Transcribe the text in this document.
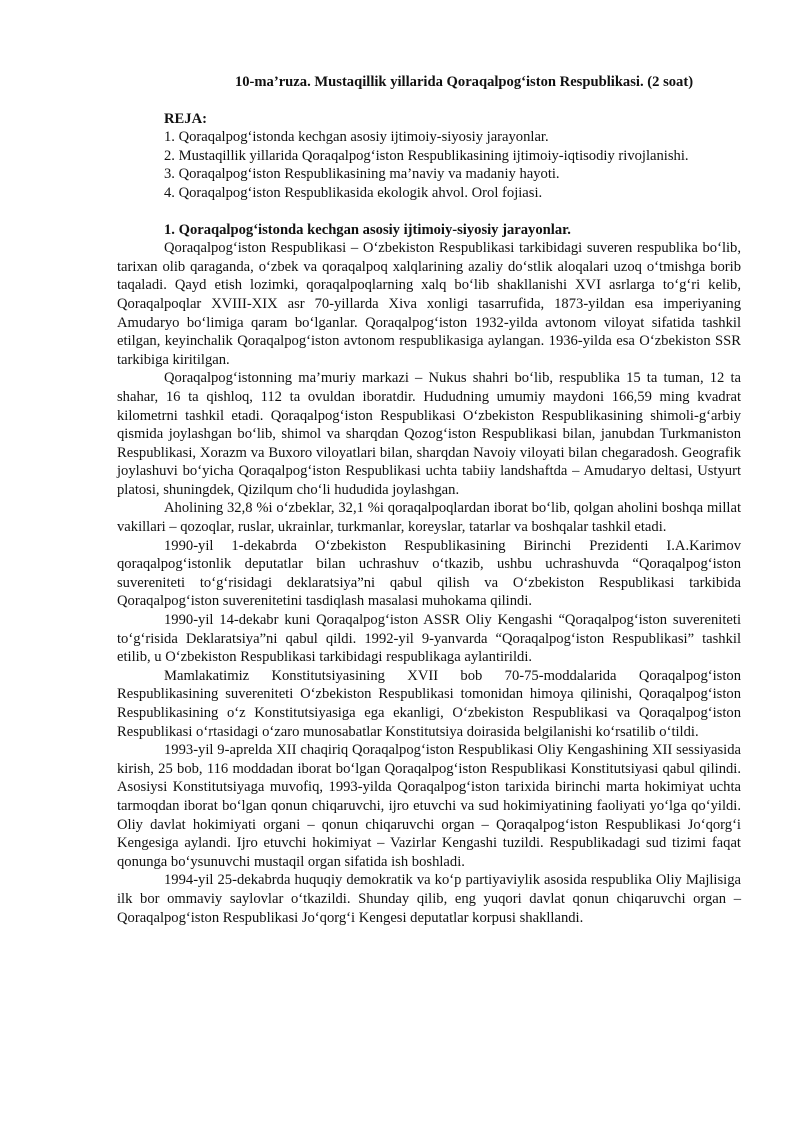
10-ma’ruza. Mustaqillik yillarida Qoraqalpog‘iston Respublikasi. (2 soat)
REJA:
1. Qoraqalpog‘istonda kechgan asosiy ijtimoiy-siyosiy jarayonlar.
2. Mustaqillik yillarida Qoraqalpog‘iston Respublikasining ijtimoiy-iqtisodiy rivojlanishi.
3. Qoraqalpog‘iston Respublikasining ma’naviy va madaniy hayoti.
4. Qoraqalpog‘iston Respublikasida ekologik ahvol. Orol fojiasi.
1. Qoraqalpog‘istonda kechgan asosiy ijtimoiy-siyosiy jarayonlar.

Qoraqalpog‘iston Respublikasi – O‘zbekiston Respublikasi tarkibidagi suveren respublika bo‘lib, tarixan olib qaraganda, o‘zbek va qoraqalpoq xalqlarining azaliy do‘stlik aloqalari uzoq o‘tmishga borib taqaladi. Qayd etish lozimki, qoraqalpoqlarning xalq bo‘lib shakllanishi XVI asrlarga to‘g‘ri kelib, Qoraqalpoqlar XVIII-XIX asr 70-yillarda Xiva xonligi tasarrufida, 1873-yildan esa imperiyaning Amudaryo bo‘limiga qaram bo‘lganlar. Qoraqalpog‘iston 1932-yilda avtonom viloyat sifatida tashkil etilgan, keyinchalik Qoraqalpog‘iston avtonom respublikasiga aylangan. 1936-yilda esa O‘zbekiston SSR tarkibiga kiritilgan.

Qoraqalpog‘istonning ma’muriy markazi – Nukus shahri bo‘lib, respublika 15 ta tuman, 12 ta shahar, 16 ta qishloq, 112 ta ovuldan iboratdir. Hududning umumiy maydoni 166,59 ming kvadrat kilometrni tashkil etadi. Qoraqalpog‘iston Respublikasi O‘zbekiston Respublikasining shimoli-g‘arbiy qismida joylashgan bo‘lib, shimol va sharqdan Qozog‘iston Respublikasi bilan, janubdan Turkmaniston Respublikasi, Xorazm va Buxoro viloyatlari bilan, sharqdan Navoiy viloyati bilan chegaradosh. Geografik joylashuvi bo‘yicha Qoraqalpog‘iston Respublikasi uchta tabiiy landshaftda – Amudaryo deltasi, Ustyurt platosi, shuningdek, Qizilqum cho‘li hududida joylashgan.

Aholining 32,8 %i o‘zbeklar, 32,1 %i qoraqalpoqlardan iborat bo‘lib, qolgan aholini boshqa millat vakillari – qozoqlar, ruslar, ukrainlar, turkmanlar, koreyslar, tatarlar va boshqalar tashkil etadi.

1990-yil 1-dekabrda O‘zbekiston Respublikasining Birinchi Prezidenti I.A.Karimov qoraqalpog‘istonlik deputatlar bilan uchrashuv o‘tkazib, ushbu uchrashuvda “Qoraqalpog‘iston suvereniteti to‘g‘risidagi deklaratsiya”ni qabul qilish va O‘zbekiston Respublikasi tarkibida Qoraqalpog‘iston suverenitetini tasdiqlash masalasi muhokama qilindi.

1990-yil 14-dekabr kuni Qoraqalpog‘iston ASSR Oliy Kengashi “Qoraqalpog‘iston suvereniteti to‘g‘risida Deklaratsiya”ni qabul qildi. 1992-yil 9-yanvarda “Qoraqalpog‘iston Respublikasi” tashkil etilib, u O‘zbekiston Respublikasi tarkibidagi respublikaga aylantirildi.

Mamlakatimiz Konstitutsiyasining XVII bob 70-75-moddalarida Qoraqalpog‘iston Respublikasining suvereniteti O‘zbekiston Respublikasi tomonidan himoya qilinishi, Qoraqalpog‘iston Respublikasining o‘z Konstitutsiyasiga ega ekanligi, O‘zbekiston Respublikasi va Qoraqalpog‘iston Respublikasi o‘rtasidagi o‘zaro munosabatlar Konstitutsiya doirasida belgilanishi ko‘rsatilib o‘tildi.

1993-yil 9-aprelda XII chaqiriq Qoraqalpog‘iston Respublikasi Oliy Kengashining XII sessiyasida kirish, 25 bob, 116 moddadan iborat bo‘lgan Qoraqalpog‘iston Respublikasi Konstitutsiyasi qabul qilindi. Asosiysi Konstitutsiyaga muvofiq, 1993-yilda Qoraqalpog‘iston tarixida birinchi marta hokimiyat uchta tarmoqdan iborat bo‘lgan qonun chiqaruvchi, ijro etuvchi va sud hokimiyatining faoliyati yo‘lga qo‘yildi. Oliy davlat hokimiyati organi – qonun chiqaruvchi organ – Qoraqalpog‘iston Respublikasi Jo‘qorg‘i Kengesiga aylandi. Ijro etuvchi hokimiyat – Vazirlar Kengashi tuzildi. Respublikadagi sud tizimi faqat qonunga bo‘ysunuvchi mustaqil organ sifatida ish boshladi.

1994-yil 25-dekabrda huquqiy demokratik va ko‘p partiyaviylik asosida respublika Oliy Majlisiga ilk bor ommaviy saylovlar o‘tkazildi. Shunday qilib, eng yuqori davlat qonun chiqaruvchi organ – Qoraqalpog‘iston Respublikasi Jo‘qorg‘i Kengesi deputatlar korpusi shakllandi.
